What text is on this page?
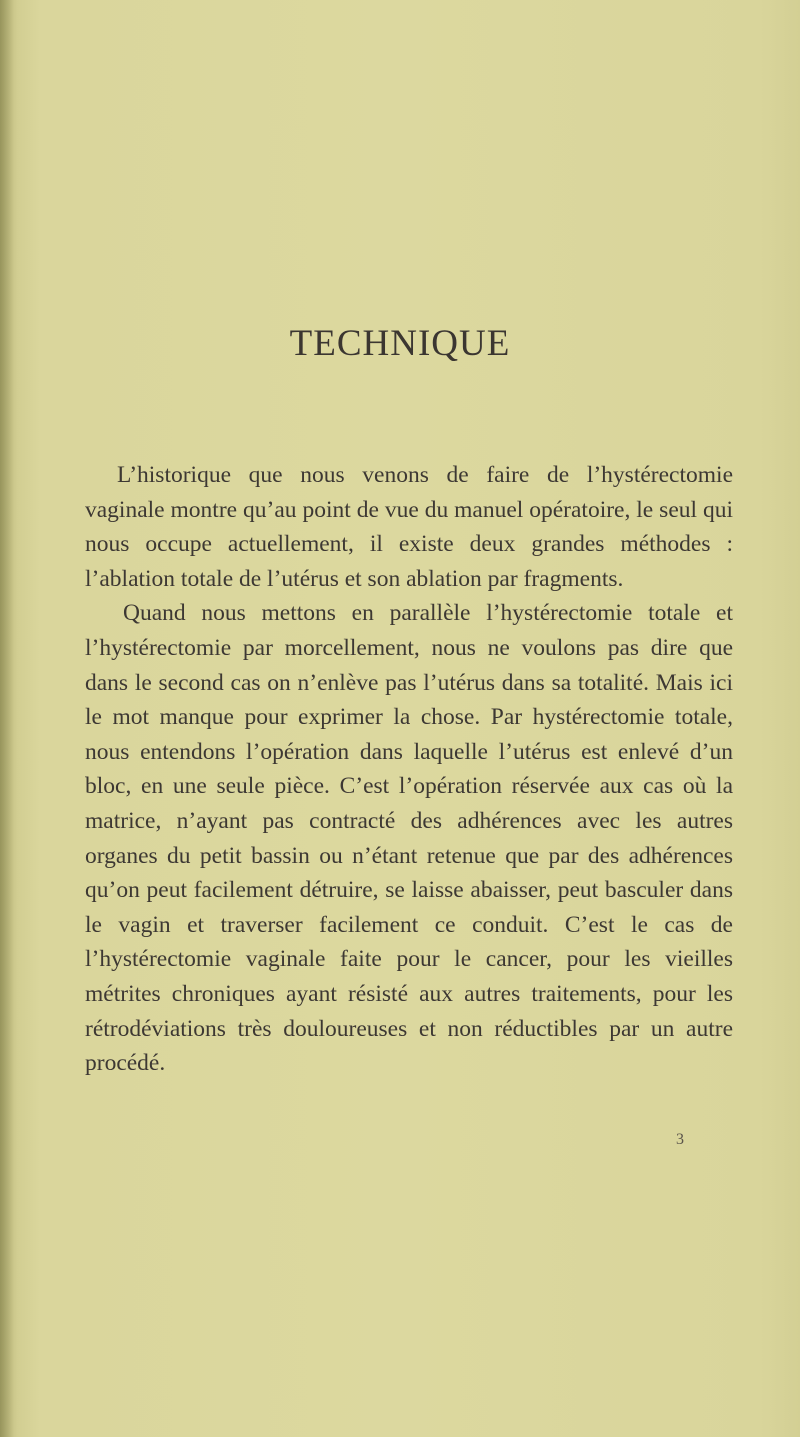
TECHNIQUE

L’historique que nous venons de faire de l’hystérectomie vaginale montre qu’au point de vue du manuel opératoire, le seul qui nous occupe actuellement, il existe deux grandes méthodes : l’ablation totale de l’utérus et son ablation par fragments.

Quand nous mettons en parallèle l’hystérectomie totale et l’hystérectomie par morcellement, nous ne voulons pas dire que dans le second cas on n’enlève pas l’utérus dans sa totalité. Mais ici le mot manque pour exprimer la chose. Par hystérectomie totale, nous entendons l’opération dans laquelle l’utérus est enlevé d’un bloc, en une seule pièce. C’est l’opération réservée aux cas où la matrice, n’ayant pas contracté des adhérences avec les autres organes du petit bassin ou n’étant retenue que par des adhérences qu’on peut facilement détruire, se laisse abaisser, peut basculer dans le vagin et traverser facilement ce conduit. C’est le cas de l’hystérectomie vaginale faite pour le cancer, pour les vieilles métrites chroniques ayant résisté aux autres traitements, pour les rétrodéviations très douloureuses et non réductibles par un autre procédé.

3
